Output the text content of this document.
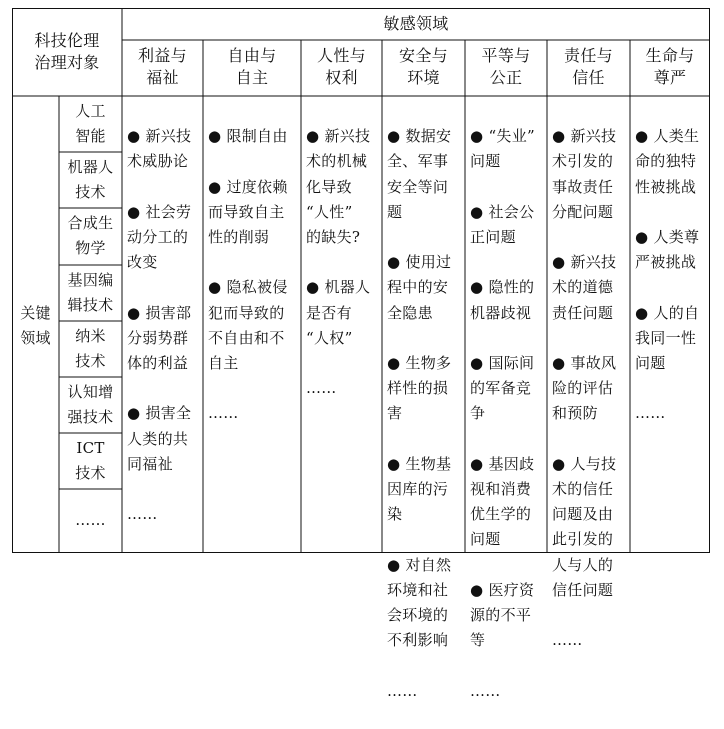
科技伦理
治理对象
敏感领域
利益与
福祉
自由与
自主
人性与
权利
安全与
环境
平等与
公正
责任与
信任
生命与
尊严
关键
领域
人工
智能
机器人
技术
合成生
物学
基因编
辑技术
纳米
技术
认知增
强技术
ICT
技术
……

● 新兴技
术威胁论

● 社会劳
动分工的
改变

● 损害部
分弱势群
体的利益

● 损害全
人类的共
同福祉

……

● 限制自由

● 过度依赖
而导致自主
性的削弱

● 隐私被侵
犯而导致的
不自由和不
自主

……

● 新兴技
术的机械
化导致
“人性”
的缺失?

● 机器人
是否有
“人权”

……

● 数据安
全、军事
安全等问
题

● 使用过
程中的安
全隐患

● 生物多
样性的损
害

● 生物基
因库的污
染

● 对自然
环境和社
会环境的
不利影响

……

● “失业”
问题

● 社会公
正问题

● 隐性的
机器歧视

● 国际间
的军备竞
争

● 基因歧
视和消费
优生学的
问题

● 医疗资
源的不平
等

……

● 新兴技
术引发的
事故责任
分配问题

● 新兴技
术的道德
责任问题

● 事故风
险的评估
和预防

● 人与技
术的信任
问题及由
此引发的
人与人的
信任问题

……

● 人类生
命的独特
性被挑战

● 人类尊
严被挑战

● 人的自
我同一性
问题

……
